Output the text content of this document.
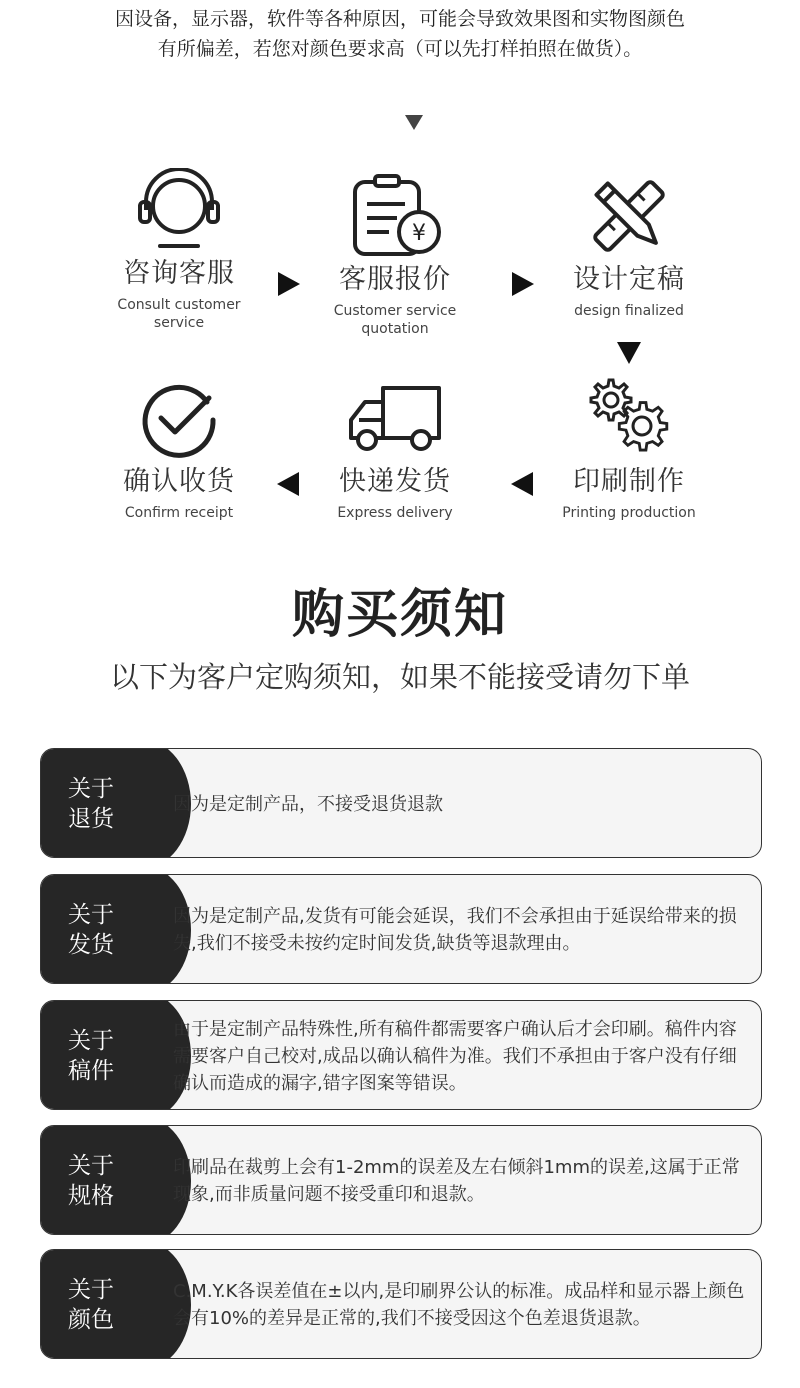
因设备，显示器，软件等各种原因，可能会导致效果图和实物图颜色
有所偏差，若您对颜色要求高（可以先打样拍照在做货）。
咨询客服
Consult customer
service
¥
客服报价
Customer service
quotation
设计定稿
design finalized
印刷制作
Printing production
快递发货
Express delivery
确认收货
Confirm receipt
购买须知
以下为客户定购须知，如果不能接受请勿下单
关于
退货
因为是定制产品，不接受退货退款
关于
发货
因为是定制产品,发货有可能会延误，我们不会承担由于延误给带来的损失,我们不接受未按约定时间发货,缺货等退款理由。
关于
稿件
由于是定制产品特殊性,所有稿件都需要客户确认后才会印刷。稿件内容需要客户自己校对,成品以确认稿件为准。我们不承担由于客户没有仔细确认而造成的漏字,错字图案等错误。
关于
规格
印刷品在裁剪上会有1-2mm的误差及左右倾斜1mm的误差,这属于正常现象,而非质量问题不接受重印和退款。
关于
颜色
C.M.Y.K各误差值在±以内,是印刷界公认的标准。成品样和显示器上颜色会有10%的差异是正常的,我们不接受因这个色差退货退款。
